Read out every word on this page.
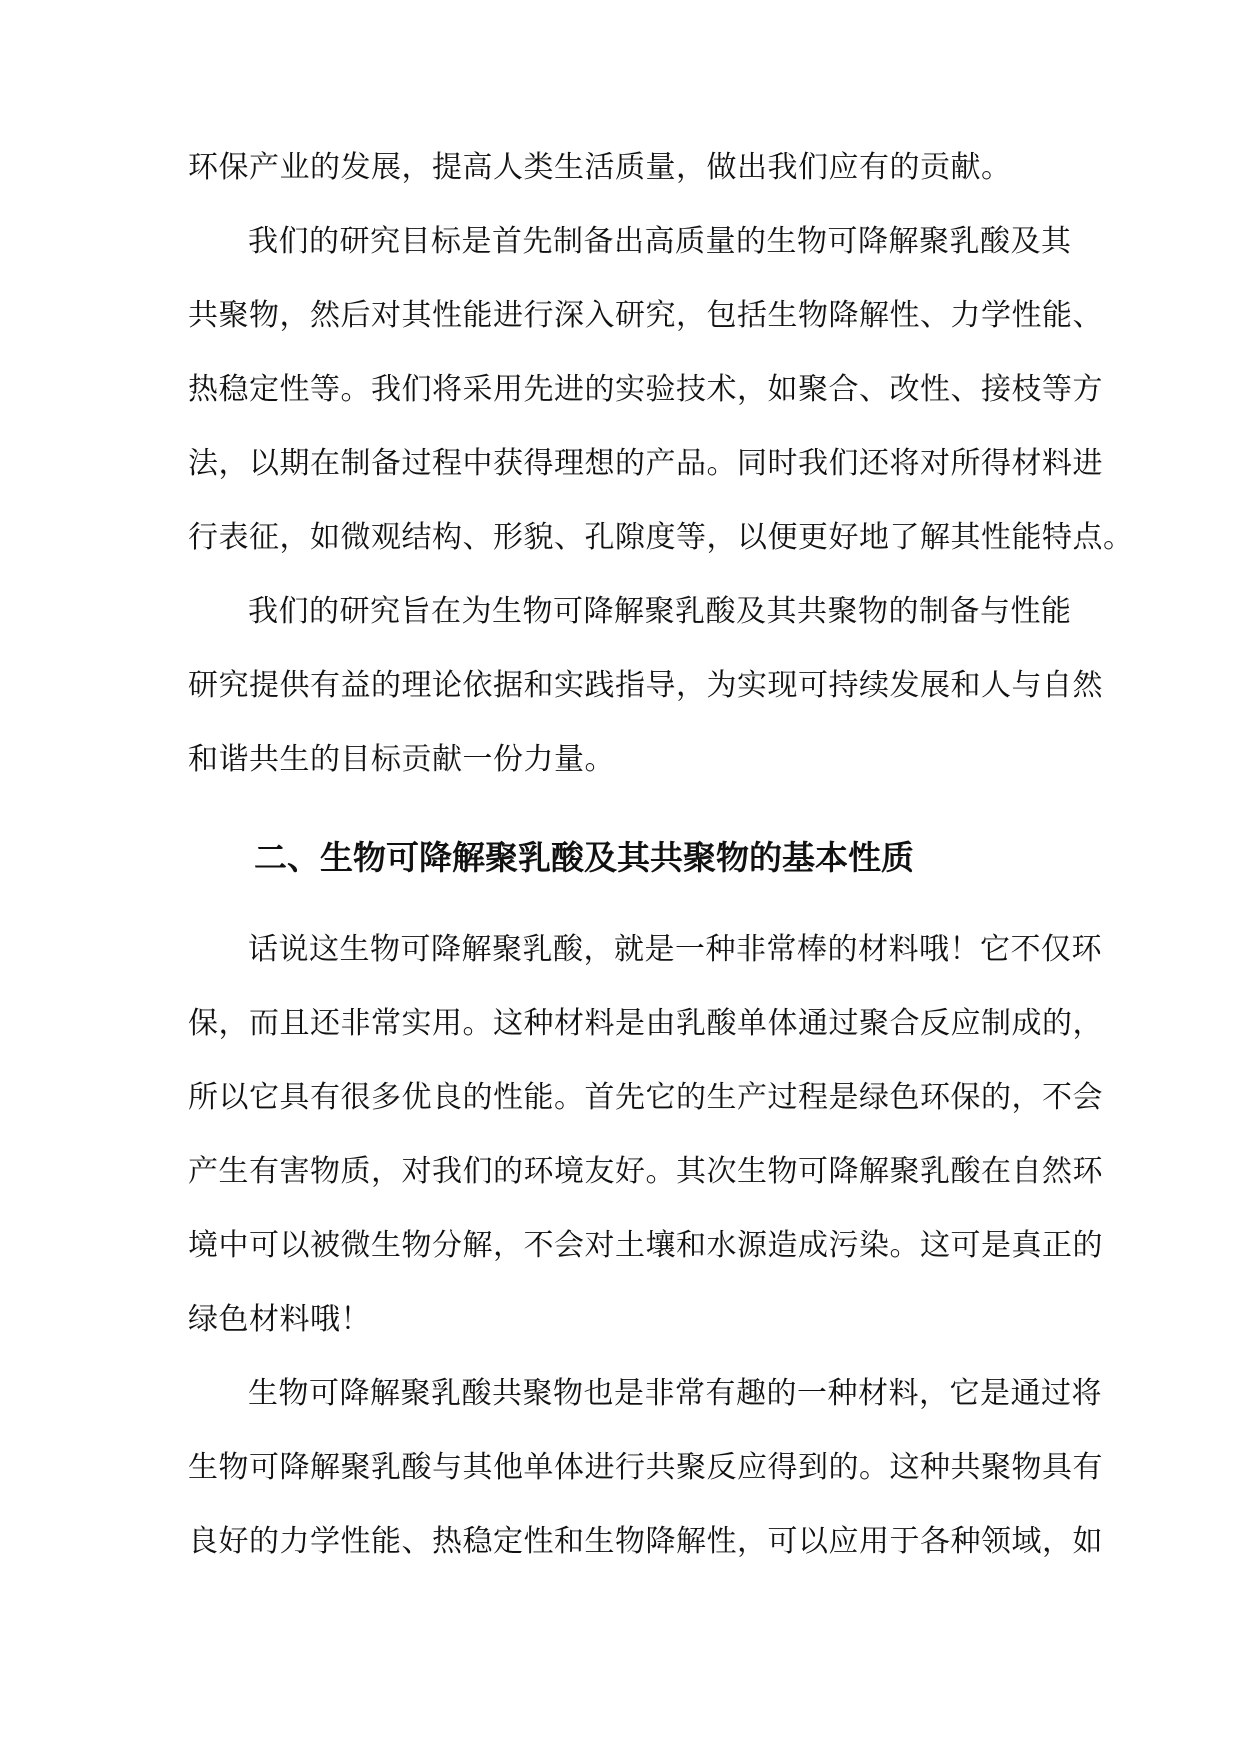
环保产业的发展，提高人类生活质量，做出我们应有的贡献。
我们的研究目标是首先制备出高质量的生物可降解聚乳酸及其
共聚物，然后对其性能进行深入研究，包括生物降解性、力学性能、
热稳定性等。我们将采用先进的实验技术，如聚合、改性、接枝等方
法，以期在制备过程中获得理想的产品。同时我们还将对所得材料进
行表征，如微观结构、形貌、孔隙度等，以便更好地了解其性能特点。
我们的研究旨在为生物可降解聚乳酸及其共聚物的制备与性能
研究提供有益的理论依据和实践指导，为实现可持续发展和人与自然
和谐共生的目标贡献一份力量。
二、生物可降解聚乳酸及其共聚物的基本性质
话说这生物可降解聚乳酸，就是一种非常棒的材料哦！它不仅环
保，而且还非常实用。这种材料是由乳酸单体通过聚合反应制成的，
所以它具有很多优良的性能。首先它的生产过程是绿色环保的，不会
产生有害物质，对我们的环境友好。其次生物可降解聚乳酸在自然环
境中可以被微生物分解，不会对土壤和水源造成污染。这可是真正的
绿色材料哦！
生物可降解聚乳酸共聚物也是非常有趣的一种材料，它是通过将
生物可降解聚乳酸与其他单体进行共聚反应得到的。这种共聚物具有
良好的力学性能、热稳定性和生物降解性，可以应用于各种领域，如
